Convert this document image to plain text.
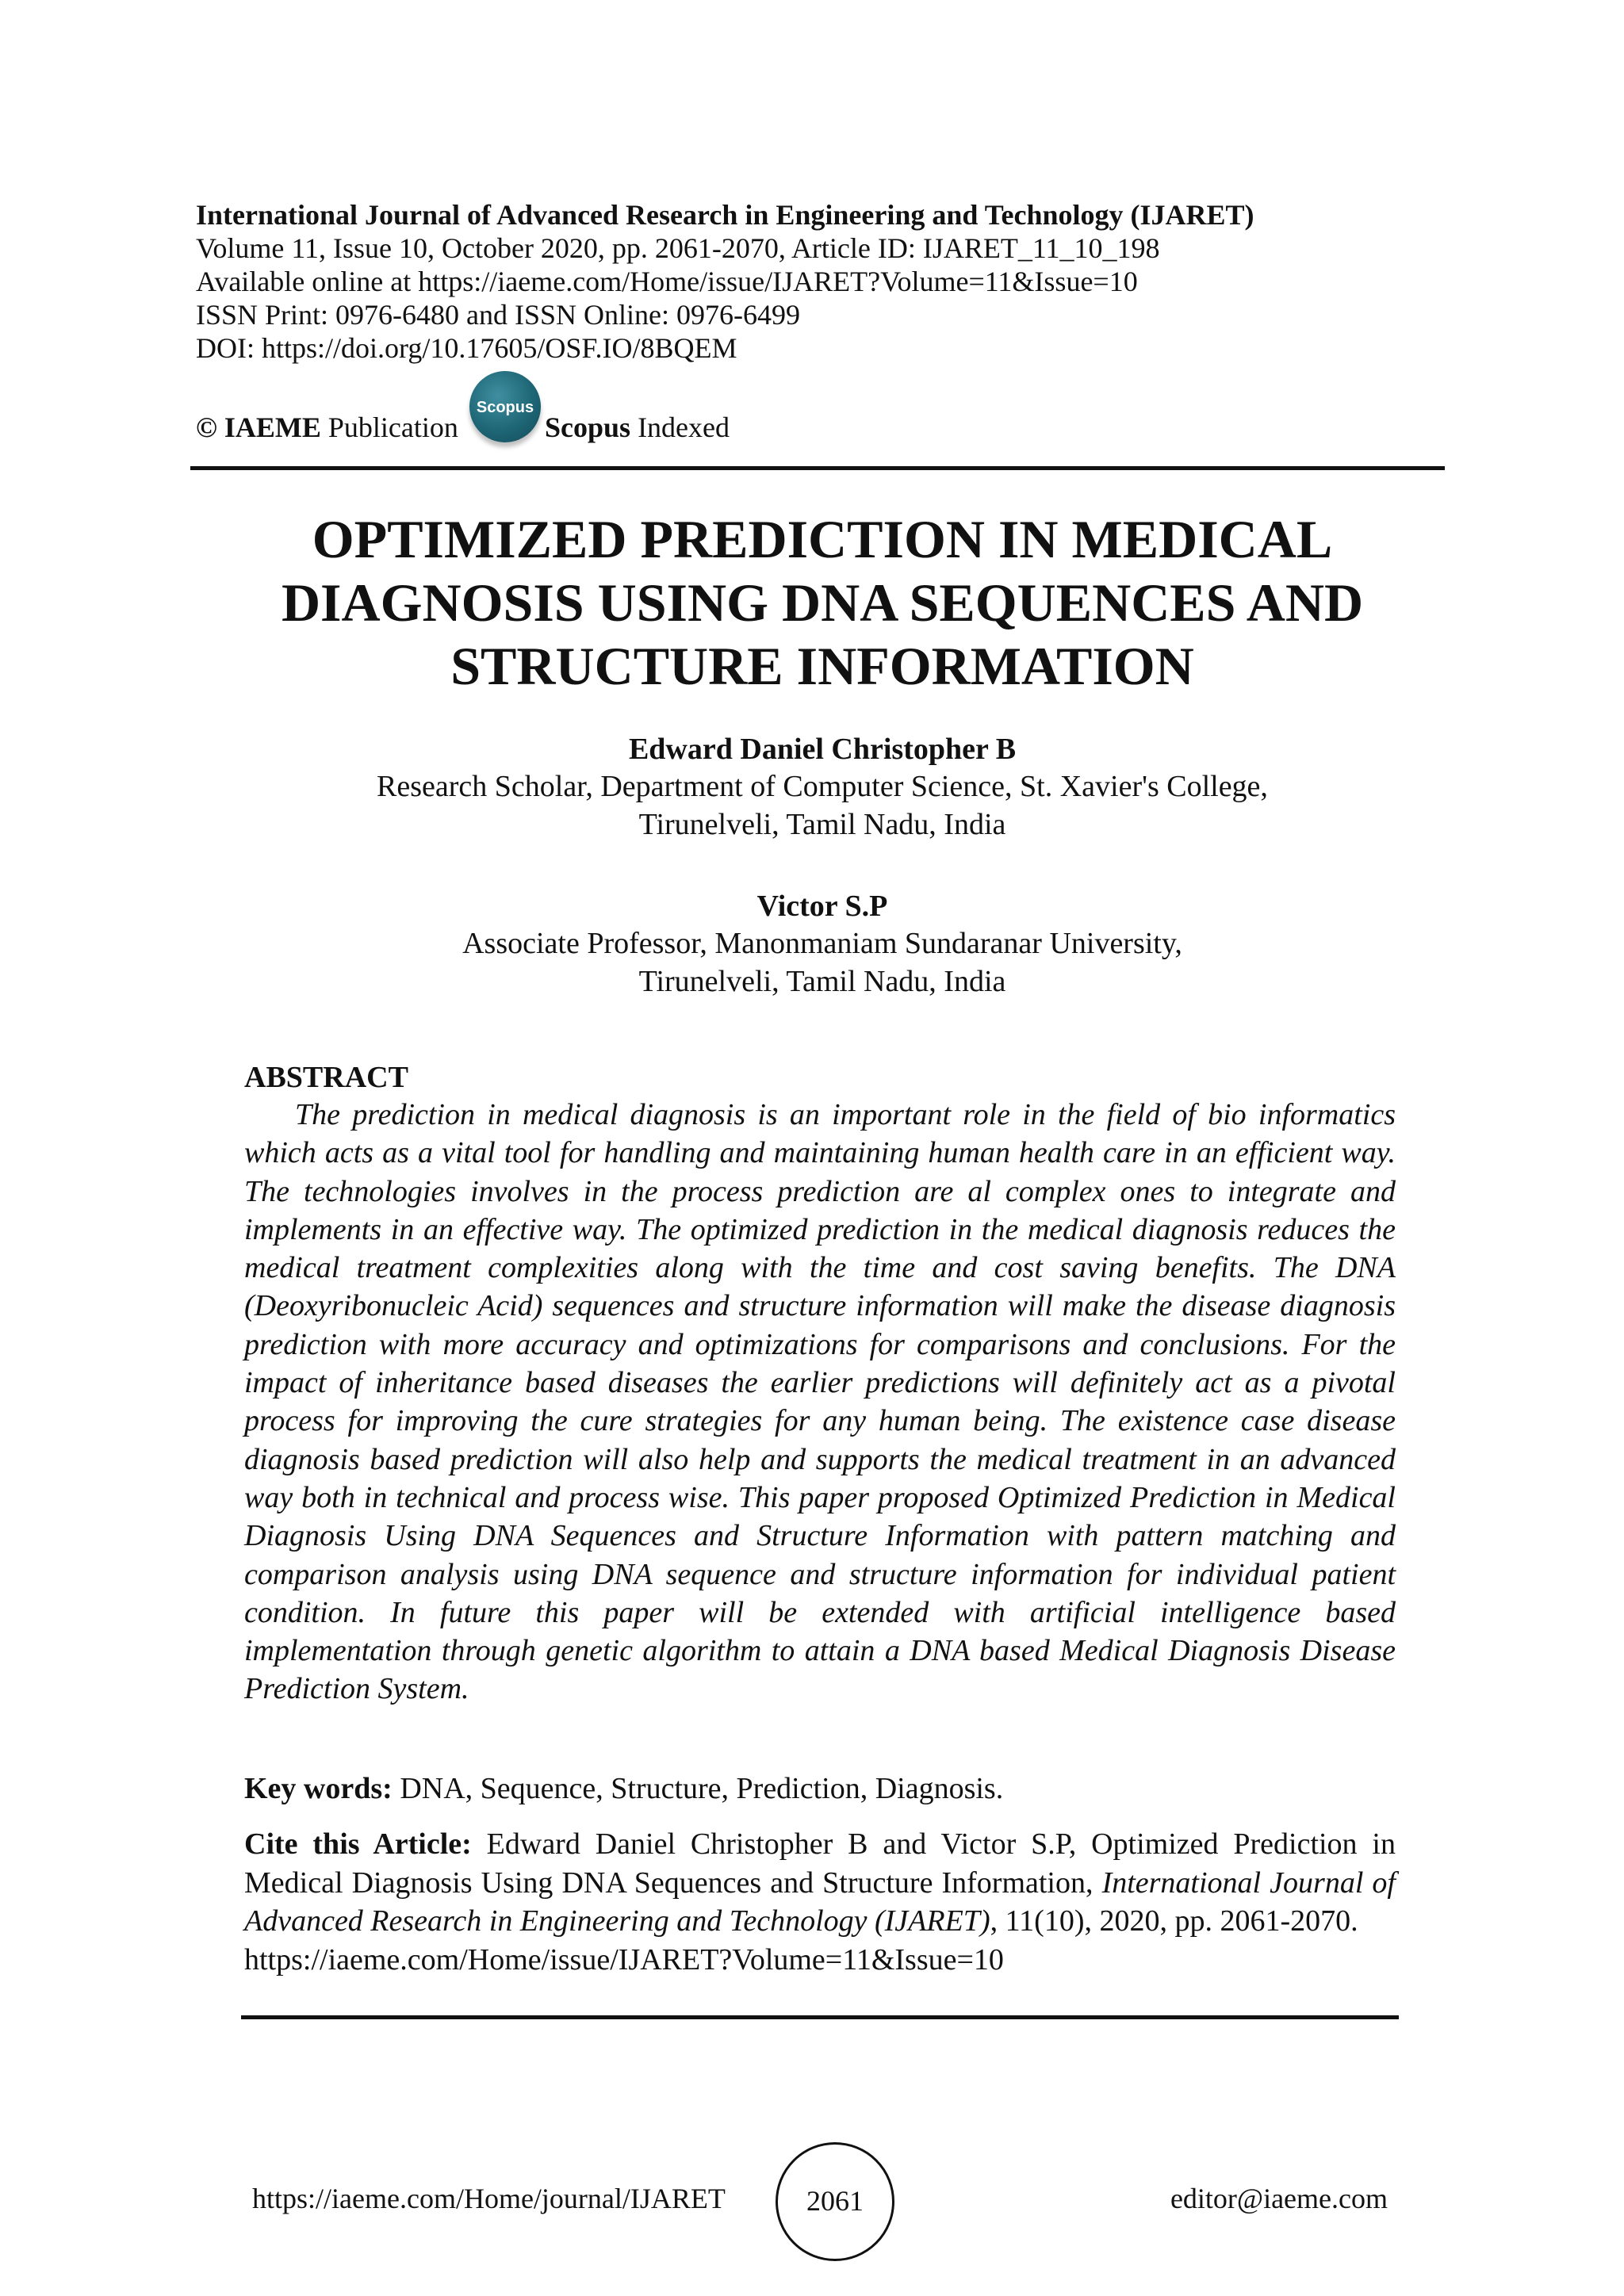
International Journal of Advanced Research in Engineering and Technology (IJARET)
Volume 11, Issue 10, October 2020, pp. 2061-2070, Article ID: IJARET_11_10_198
Available online at https://iaeme.com/Home/issue/IJARET?Volume=11&Issue=10
ISSN Print: 0976-6480 and ISSN Online: 0976-6499
DOI: https://doi.org/10.17605/OSF.IO/8BQEM
© IAEME Publication
Scopus
Scopus Indexed
OPTIMIZED PREDICTION IN MEDICAL DIAGNOSIS USING DNA SEQUENCES AND STRUCTURE INFORMATION
Edward Daniel Christopher B
Research Scholar, Department of Computer Science, St. Xavier's College,
Tirunelveli, Tamil Nadu, India
Victor S.P
Associate Professor, Manonmaniam Sundaranar University,
Tirunelveli, Tamil Nadu, India
ABSTRACT

The prediction in medical diagnosis is an important role in the field of bio informatics which acts as a vital tool for handling and maintaining human health care in an efficient way. The technologies involves in the process prediction are al complex ones to integrate and implements in an effective way. The optimized prediction in the medical diagnosis reduces the medical treatment complexities along with the time and cost saving benefits. The DNA (Deoxyribonucleic Acid) sequences and structure information will make the disease diagnosis prediction with more accuracy and optimizations for comparisons and conclusions. For the impact of inheritance based diseases the earlier predictions will definitely act as a pivotal process for improving the cure strategies for any human being. The existence case disease diagnosis based prediction will also help and supports the medical treatment in an advanced way both in technical and process wise. This paper proposed Optimized Prediction in Medical Diagnosis Using DNA Sequences and Structure Information with pattern matching and comparison analysis using DNA sequence and structure information for individual patient condition. In future this paper will be extended with artificial intelligence based implementation through genetic algorithm to attain a DNA based Medical Diagnosis Disease Prediction System.

Key words: DNA, Sequence, Structure, Prediction, Diagnosis.
Cite this Article: Edward Daniel Christopher B and Victor S.P, Optimized Prediction in Medical Diagnosis Using DNA Sequences and Structure Information, International Journal of Advanced Research in Engineering and Technology (IJARET), 11(10), 2020, pp. 2061-2070.
https://iaeme.com/Home/issue/IJARET?Volume=11&Issue=10
https://iaeme.com/Home/journal/IJARET	2061	editor@iaeme.com
